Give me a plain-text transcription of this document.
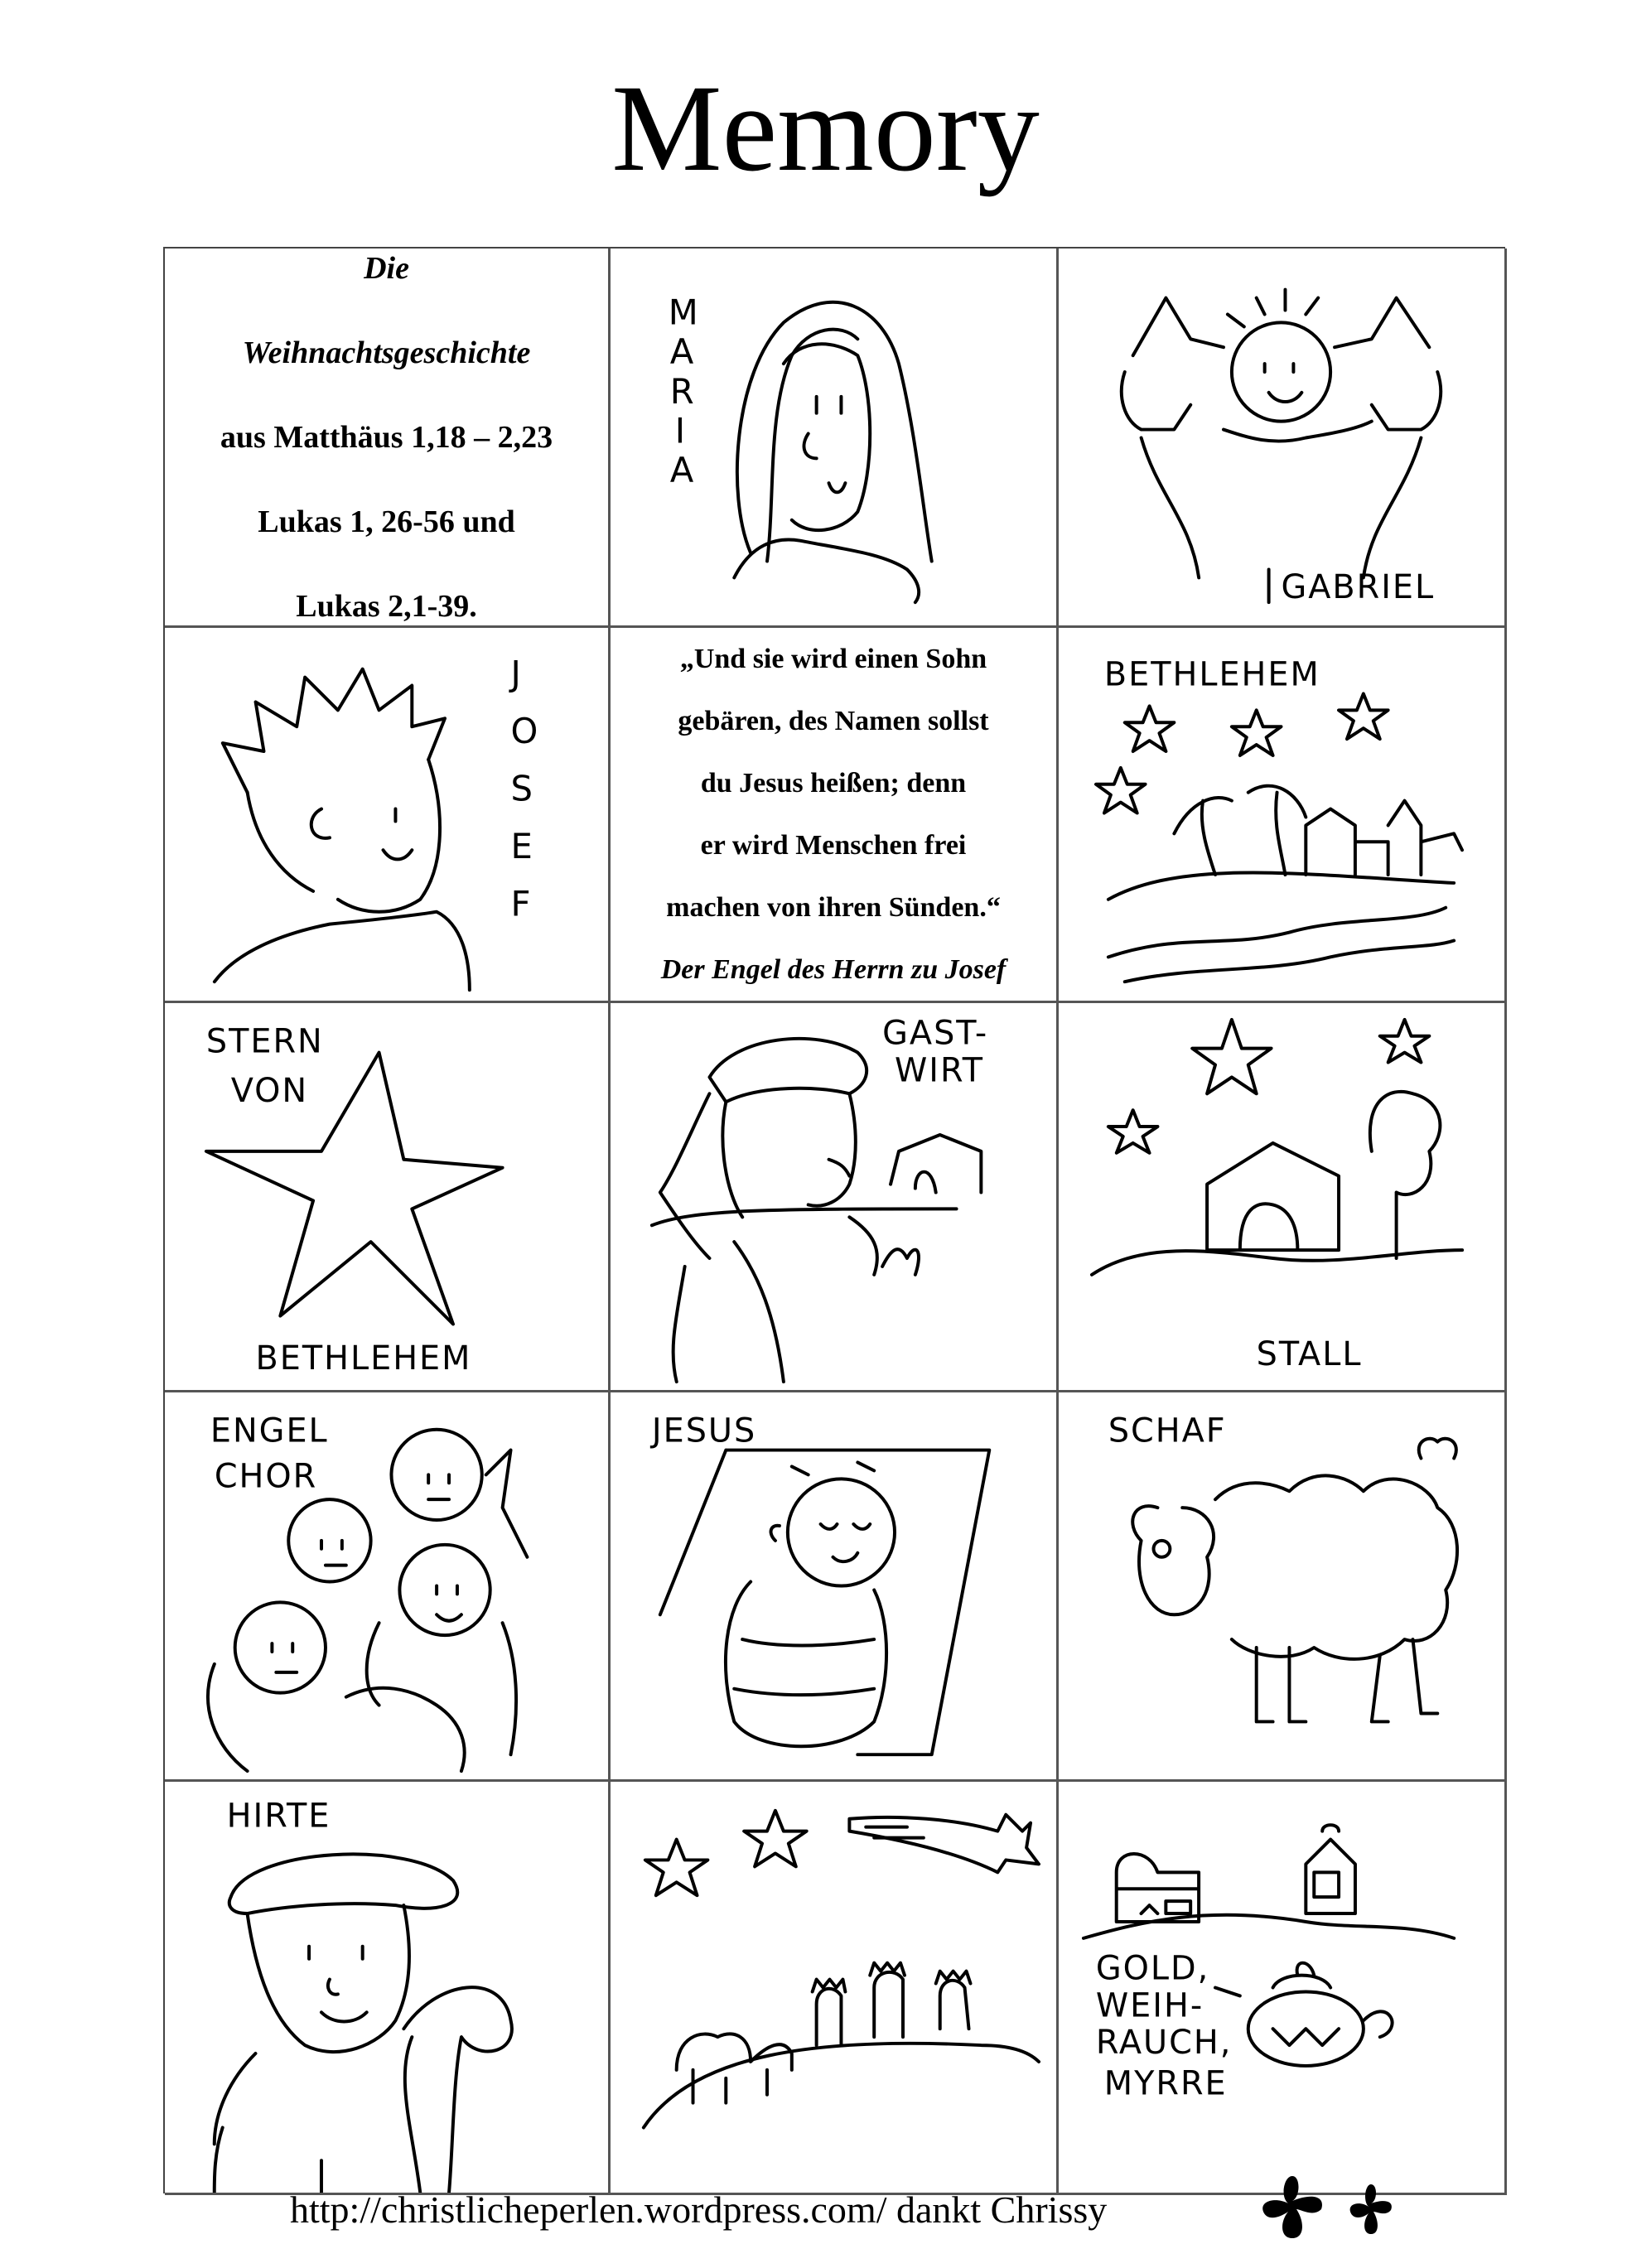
Memory
Die
Weihnachtsgeschichte
aus Matthäus 1,18 – 2,23
Lukas 1, 26-56 und
Lukas 2,1-39.
M
A
R
I
A
GABRIEL
J
O
S
E
F
„Und sie wird einen Sohn
gebären, des Namen sollst
du Jesus heißen; denn
er wird Menschen frei
machen von ihren Sünden.“
Der Engel des Herrn zu Josef
BETHLEHEM
STERN
VON
BETHLEHEM
GAST-
WIRT
STALL
ENGEL
CHOR
JESUS	SCHAF
HIRTE
GOLD,
WEIH-
RAUCH,
MYRRE
http://christlicheperlen.wordpress.com/ dankt Chrissy
